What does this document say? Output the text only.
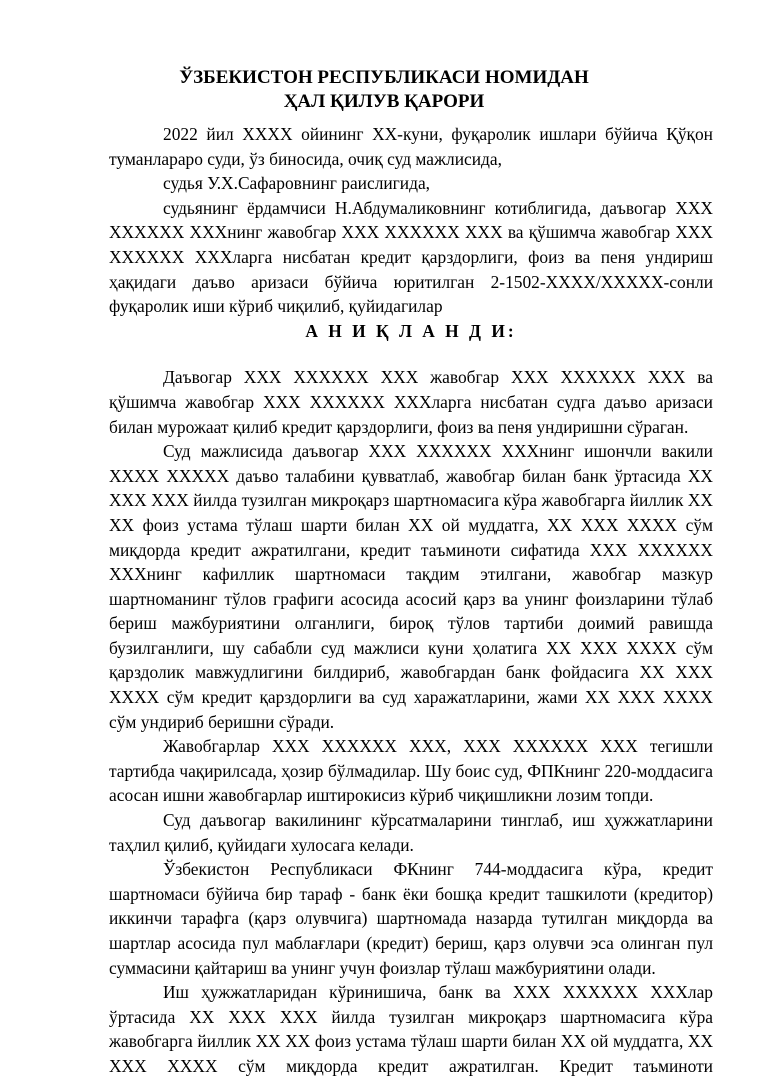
ЎЗБЕКИСТОН РЕСПУБЛИКАСИ НОМИДАН
ҲАЛ ҚИЛУВ ҚАРОРИ

2022 йил XXXX ойининг XX-куни, фуқаролик ишлари бўйича Қўқон туманлараро суди, ўз биносида, очиқ суд мажлисида,

судья У.Х.Сафаровнинг раислигида,

судьянинг ёрдамчиси Н.Абдумаликовнинг котиблигида, даъвогар XXX XXXXXX XXXнинг жавобгар XXX XXXXXX XXX ва қўшимча жавобгар XXX XXXXXX XXXларга нисбатан кредит қарздорлиги, фоиз ва пеня ундириш ҳақидаги даъво аризаси бўйича юритилган 2-1502-XXXX/XXXXX-сонли фуқаролик иши кўриб чиқилиб, қуйидагилар

А Н И Қ Л А Н Д И:

Даъвогар XXX XXXXXX XXX жавобгар XXX XXXXXX XXX ва қўшимча жавобгар XXX XXXXXX XXXларга нисбатан судга даъво аризаси билан мурожаат қилиб кредит қарздорлиги, фоиз ва пеня ундиришни сўраган.

Суд мажлисида даъвогар XXX XXXXXX XXXнинг ишончли вакили XXXX XXXXX даъво талабини қувватлаб, жавобгар билан банк ўртасида XX XXX XXX йилда тузилган микроқарз шартномасига кўра жавобгарга йиллик XX XX фоиз устама тўлаш шарти билан XX ой муддатга, XX XXX XXXX сўм миқдорда кредит ажратилгани, кредит таъминоти сифатида XXX XXXXXX XXXнинг кафиллик шартномаси тақдим этилгани, жавобгар мазкур шартноманинг тўлов графиги асосида асосий қарз ва унинг фоизларини тўлаб бериш мажбуриятини олганлиги, бироқ тўлов тартиби доимий равишда бузилганлиги, шу сабабли суд мажлиси куни ҳолатига XX XXX XXXX сўм қарздолик мавжудлигини билдириб, жавобгардан банк фойдасига XX XXX XXXX сўм кредит қарздорлиги ва суд харажатларини, жами XX XXX XXXX сўм ундириб беришни сўради.

Жавобгарлар XXX XXXXXX XXX, XXX XXXXXX XXX тегишли тартибда чақирилсада, ҳозир бўлмадилар. Шу боис суд, ФПКнинг 220-моддасига асосан ишни жавобгарлар иштирокисиз кўриб чиқишликни лозим топди.

Суд даъвогар вакилининг кўрсатмаларини тинглаб, иш ҳужжатларини таҳлил қилиб, қуйидаги хулосага келади.

Ўзбекистон Республикаси ФКнинг 744-моддасига кўра, кредит шартномаси бўйича бир тараф - банк ёки бошқа кредит ташкилоти (кредитор) иккинчи тарафга (қарз олувчига) шартномада назарда тутилган миқдорда ва шартлар асосида пул маблағлари (кредит) бериш, қарз олувчи эса олинган пул суммасини қайтариш ва унинг учун фоизлар тўлаш мажбуриятини олади.

Иш ҳужжатларидан кўринишича, банк ва XXX XXXXXX XXXлар ўртасида XX XXX XXX йилда тузилган микроқарз шартномасига кўра жавобгарга йиллик XX XX фоиз устама тўлаш шарти билан XX ой муддатга, XX XXX XXXX сўм миқдорда кредит ажратилган. Кредит таъминоти
